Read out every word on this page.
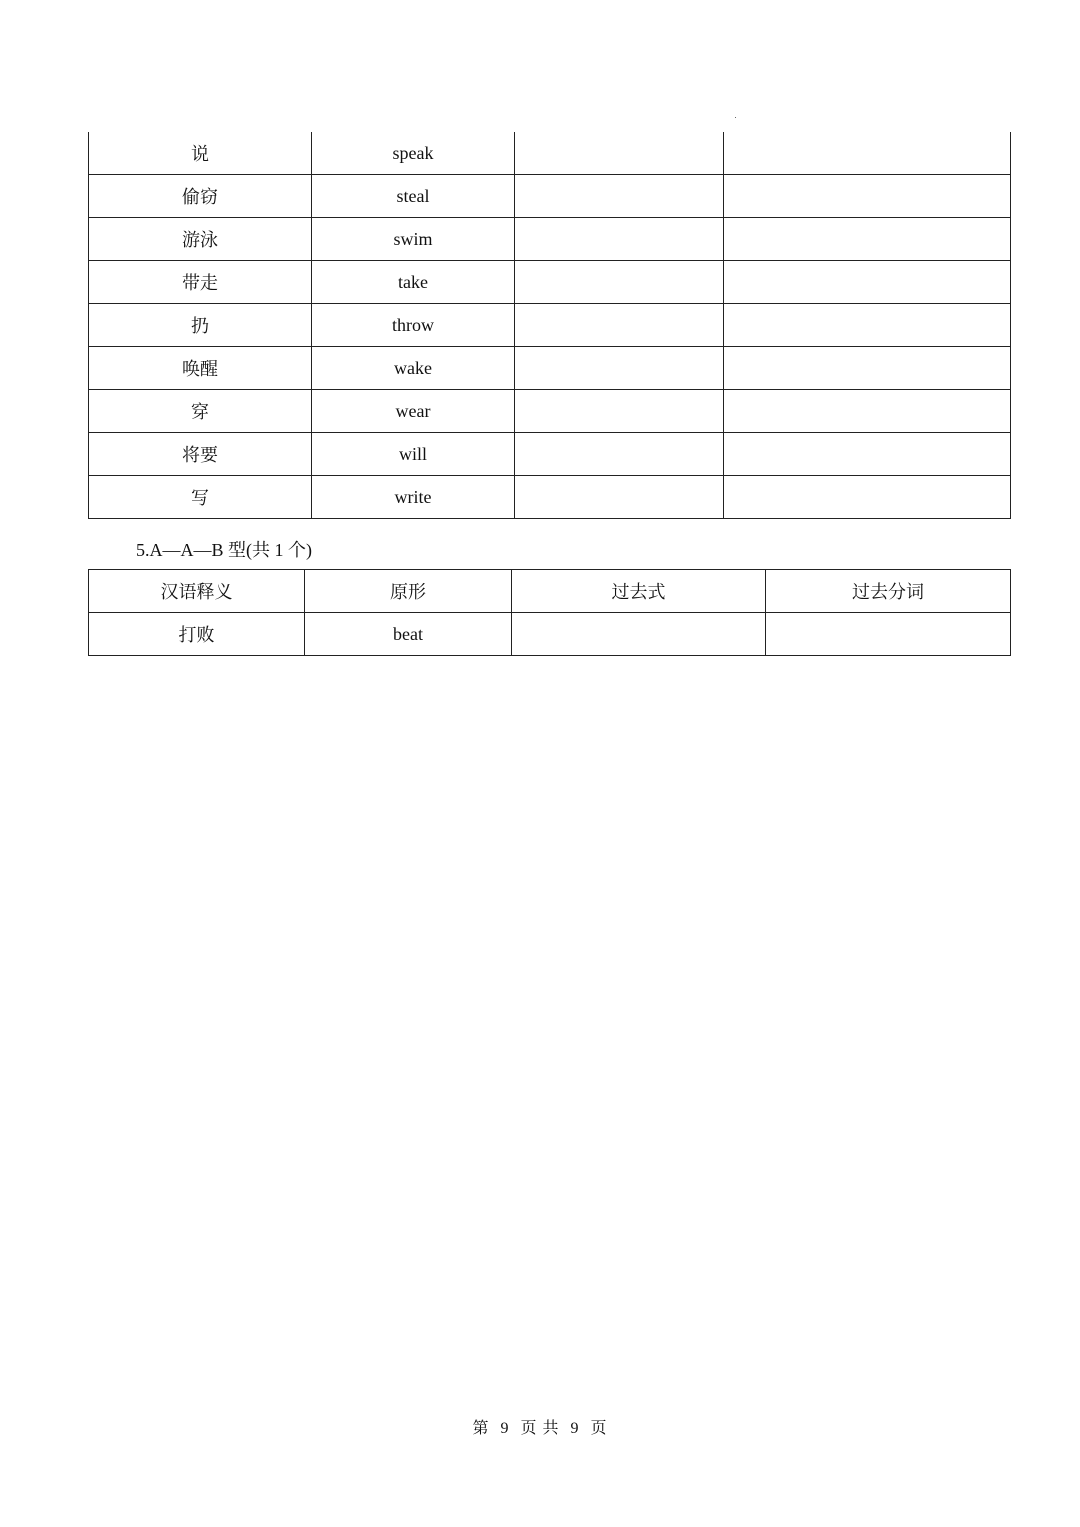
说	speak		
偷窃	steal		
游泳	swim		
带走	take		
扔	throw		
唤醒	wake		
穿	wear		
将要	will		
写	write		
5.A—A—B 型(共 1 个)
汉语释义	原形	过去式	过去分词
打败	beat		
第 9 页 共 9 页
